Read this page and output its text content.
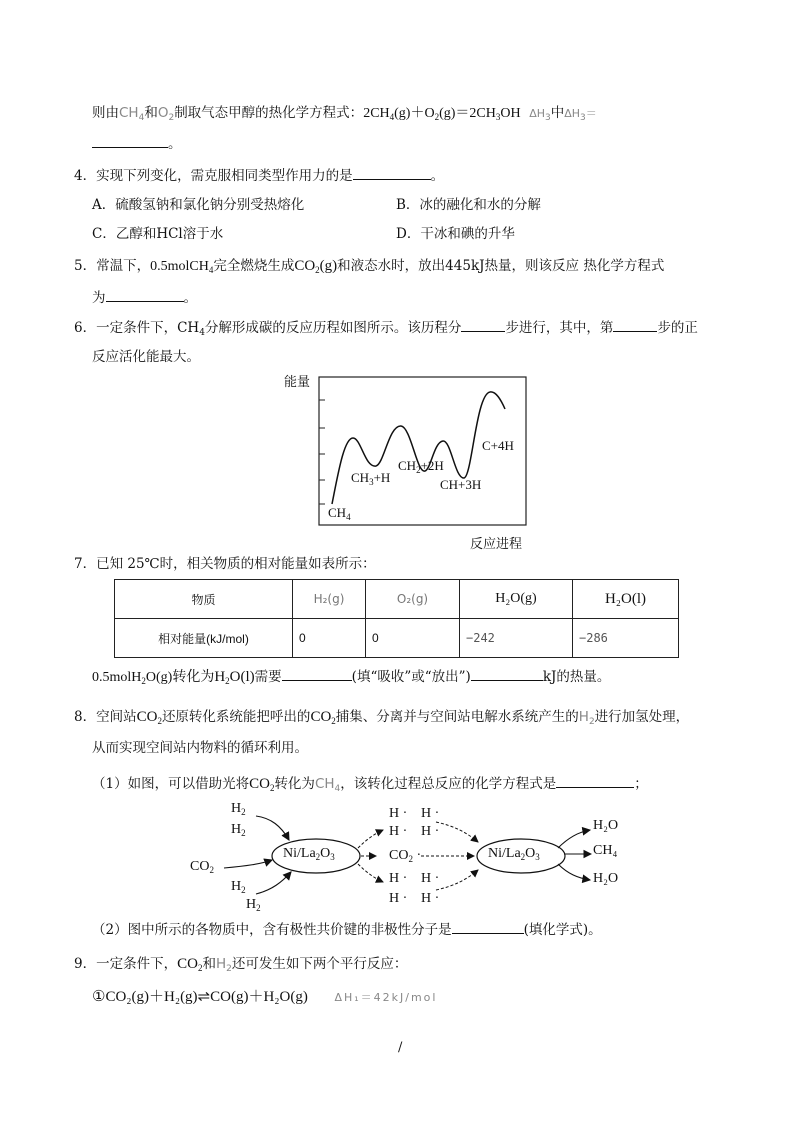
则由$CH_4$和$O_2$制取气态甲醇的热化学方程式：$2CH_4(g)+O_2(g)=2CH_3OH$ $\Delta H_3$中$\Delta H_3=$
。
4．实现下列变化，需克服相同类型作用力的是	。
A．硫酸氢钠和氯化钠分别受热熔化	B．冰的融化和水的分解
C．乙醇和HCl溶于水	D．干冰和碘的升华
5．常温下，0.5molCH$_4$完全燃烧生成$CO_2(g)$和液态水时，放出445kJ热量，则该反应 热化学方程式
为	。
6．一定条件下，$CH_4$分解形成碳的反应历程如图所示。该历程分	步进行，其中，第	步的正
反应活化能最大。
能量
$CH_4$
$CH_3+H$
$CH_2+2H$
CH+3H
C+4H
反应进程
7．已知 25℃时，相关物质的相对能量如表所示：
物质	H₂(g)	O₂(g)	H₂O(g)	H₂O(l)
相对能量(kJ/mol)	0	0	−242	−286
0.5molH$_2$O(g)转化为$H_2O(l)$需要	(填“吸收”或“放出”)	kJ的热量。
8．空间站$CO_2$还原转化系统能把呼出的$CO_2$捕集、分离并与空间站电解水系统产生的$H_2$进行加氢处理，
从而实现空间站内物料的循环利用。
（1）如图，可以借助光将$CO_2$转化为$CH_4$，该转化过程总反应的化学方程式是	；
$H_2$
$H_2$
$CO_2$
$H_2$
$H_2$
$Ni/La_2O_3$	$Ni/La_2O_3$
H · H ·
H · H ·
$CO_2$ ·
H · H ·
H · H ·
H₂O
CH₄
H₂O
（2）图中所示的各物质中，含有极性共价键的非极性分子是	(填化学式)。
9．一定条件下，$CO_2$和$H_2$还可发生如下两个平行反应：
①CO₂(g)＋H₂(g)⇌CO(g)＋H₂O(g) ΔH₁＝42kJ/mol
/
